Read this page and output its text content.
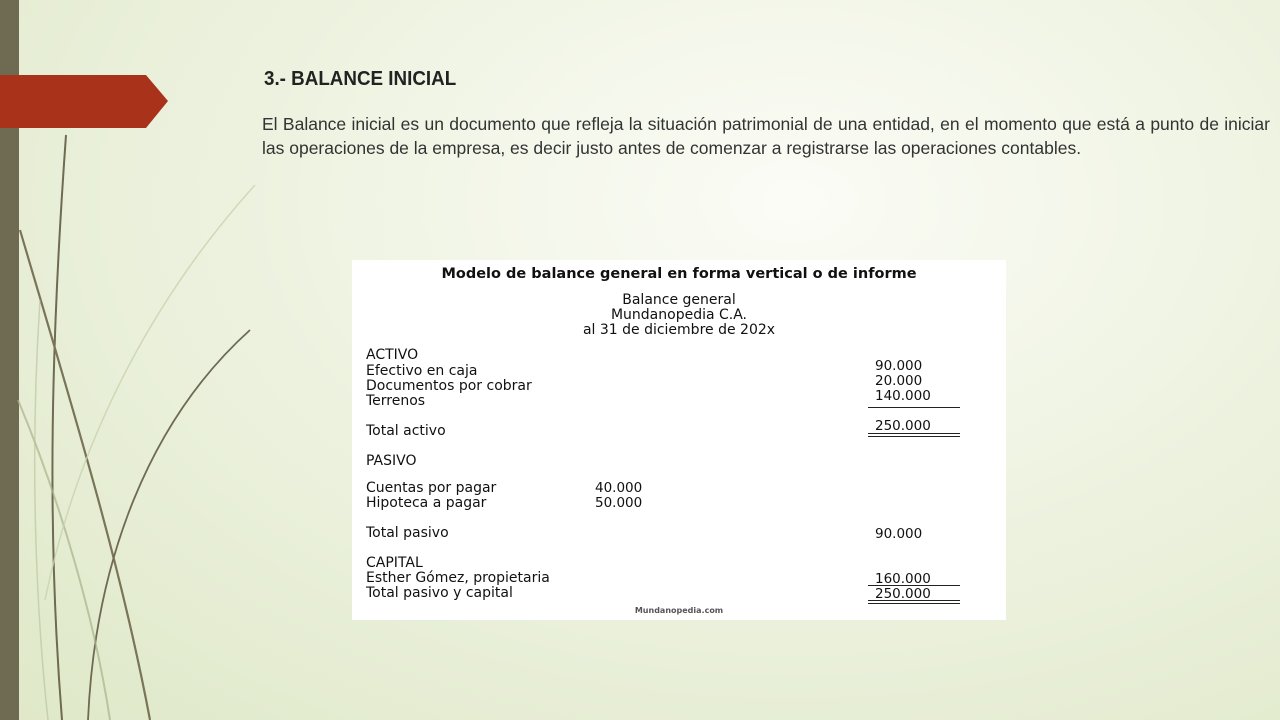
3.- BALANCE INICIAL
El Balance inicial es un documento que refleja la situación patrimonial de una entidad, en el momento que está a punto de iniciar las operaciones de la empresa, es decir justo antes de comenzar a registrarse las operaciones contables.
Modelo de balance general en forma vertical o de informe
Balance general
Mundanopedia C.A.
al 31 de diciembre de 202x
ACTIVO
Efectivo en caja	90.000
Documentos por cobrar	20.000
Terrenos	140.000
Total activo	250.000
PASIVO
Cuentas por pagar	40.000
Hipoteca a pagar	50.000
Total pasivo	90.000
CAPITAL
Esther Gómez, propietaria	160.000
Total pasivo y capital	250.000
Mundanopedia.com
